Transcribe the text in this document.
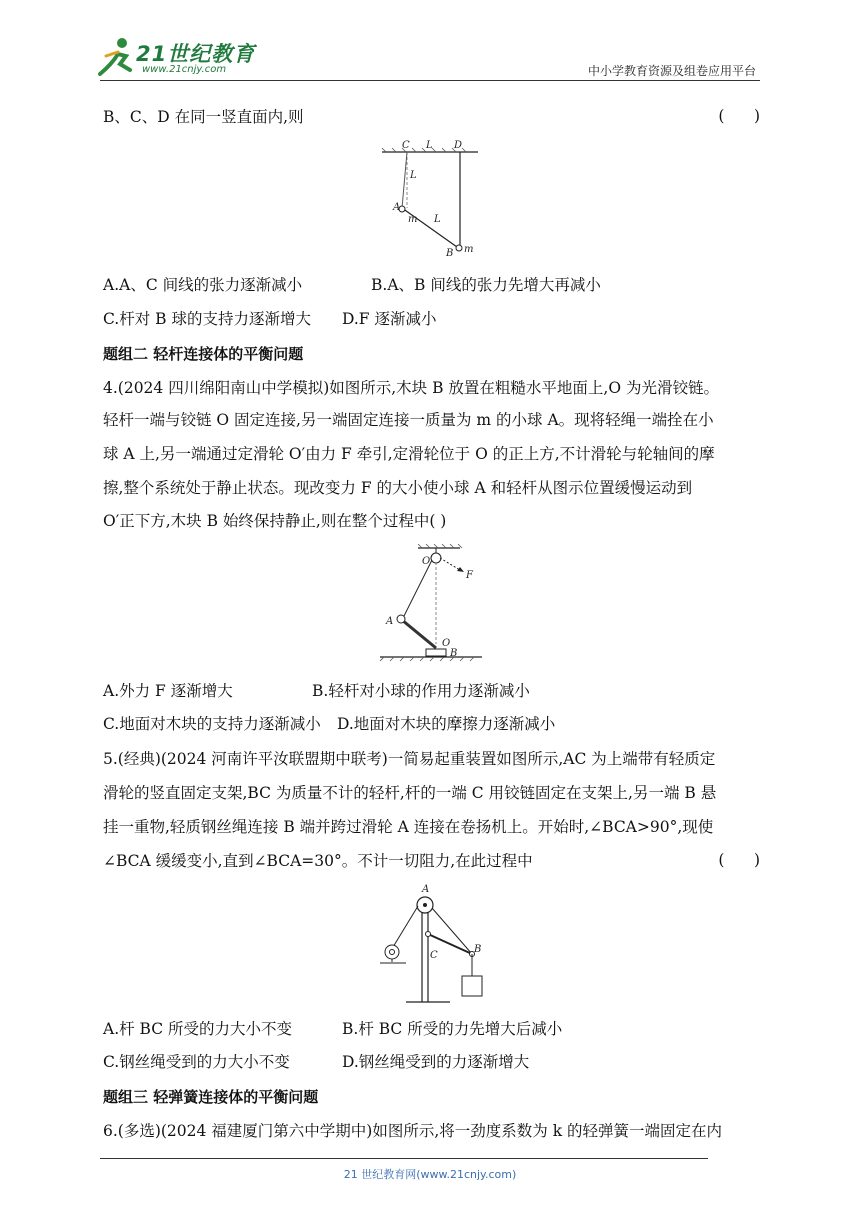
21世纪教育
www.21cnjy.com	中小学教育资源及组卷应用平台
B、C、D 在同一竖直面内,则	(      )
C L D
L
A
m L
B m
A.A、C 间线的张力逐渐减小	B.A、B 间线的张力先增大再减小
C.杆对 B 球的支持力逐渐增大 D.F 逐渐减小
题组二 轻杆连接体的平衡问题
4.(2024 四川绵阳南山中学模拟)如图所示,木块 B 放置在粗糙水平地面上,O 为光滑铰链。
轻杆一端与铰链 O 固定连接,另一端固定连接一质量为 m 的小球 A。现将轻绳一端拴在小
球 A 上,另一端通过定滑轮 O′由力 F 牵引,定滑轮位于 O 的正上方,不计滑轮与轮轴间的摩
擦,整个系统处于静止状态。现改变力 F 的大小使小球 A 和轻杆从图示位置缓慢运动到
O′正下方,木块 B 始终保持静止,则在整个过程中( )
O′
F
A
O
B
A.外力 F 逐渐增大	B.轻杆对小球的作用力逐渐减小
C.地面对木块的支持力逐渐减小 D.地面对木块的摩擦力逐渐减小
5.(经典)(2024 河南许平汝联盟期中联考)一简易起重装置如图所示,AC 为上端带有轻质定
滑轮的竖直固定支架,BC 为质量不计的轻杆,杆的一端 C 用铰链固定在支架上,另一端 B 悬
挂一重物,轻质钢丝绳连接 B 端并跨过滑轮 A 连接在卷扬机上。开始时,∠BCA>90°,现使
∠BCA 缓缓变小,直到∠BCA=30°。不计一切阻力,在此过程中	(      )
A
B
C
A.杆 BC 所受的力大小不变	B.杆 BC 所受的力先增大后减小
C.钢丝绳受到的力大小不变	D.钢丝绳受到的力逐渐增大
题组三 轻弹簧连接体的平衡问题
6.(多选)(2024 福建厦门第六中学期中)如图所示,将一劲度系数为 k 的轻弹簧一端固定在内
21 世纪教育网(www.21cnjy.com)
